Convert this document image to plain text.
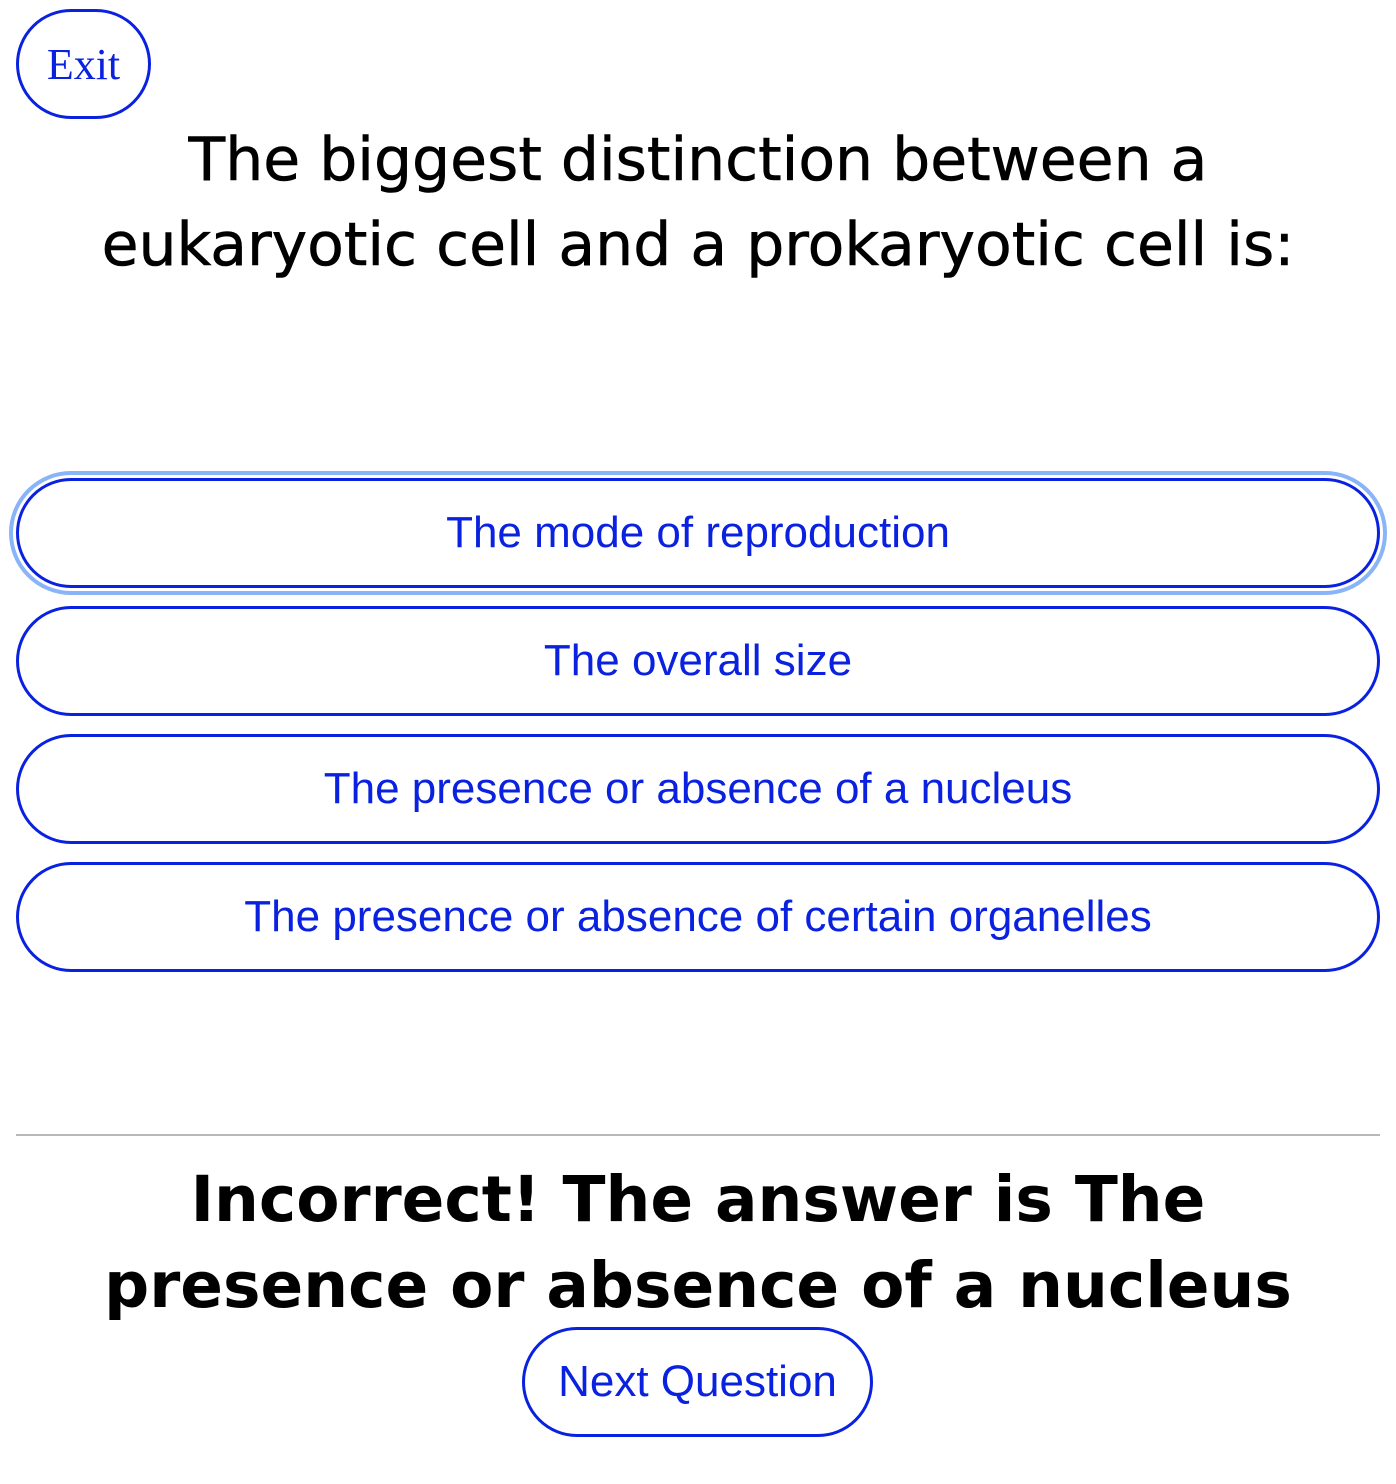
Exit
The biggest distinction between a eukaryotic cell and a prokaryotic cell is:
The mode of reproduction
The overall size
The presence or absence of a nucleus
The presence or absence of certain organelles

Incorrect! The answer is The presence or absence of a nucleus

Next Question
